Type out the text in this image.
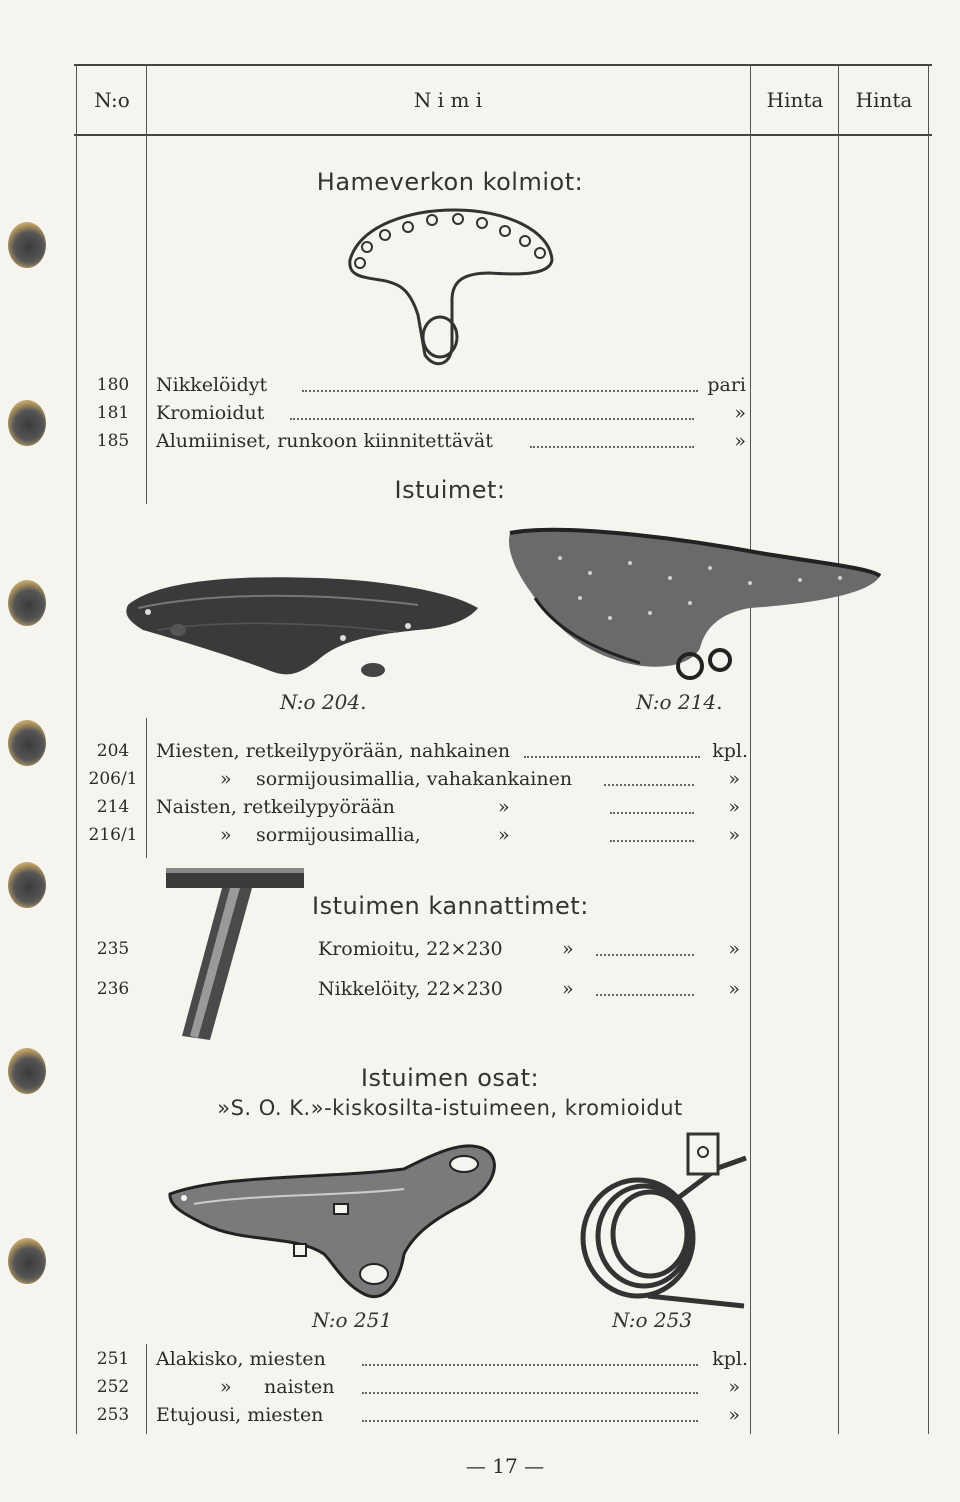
N:o	N i m i	Hinta	Hinta
Hameverkon kolmiot:
180	Nikkelöidyt	pari
181	Kromioidut	»
185	Alumiiniset, runkoon kiinnitettävät	»
Istuimet:
N:o 204.	N:o 214.
204	Miesten, retkeilypyörään, nahkainen	kpl.
206/1	» sormijousimallia, vahakankainen	»
214	Naisten, retkeilypyörään	»	»
216/1	» sormijousimallia,	»	»
Istuimen kannattimet:
235	Kromioitu, 22×230	»	»
236	Nikkelöity, 22×230	»	»
Istuimen osat:
»S. O. K.»-kiskosilta-istuimeen, kromioidut
N:o 251	N:o 253
251	Alakisko, miesten	kpl.
252	» naisten	»
253	Etujousi, miesten	»
— 17 —
